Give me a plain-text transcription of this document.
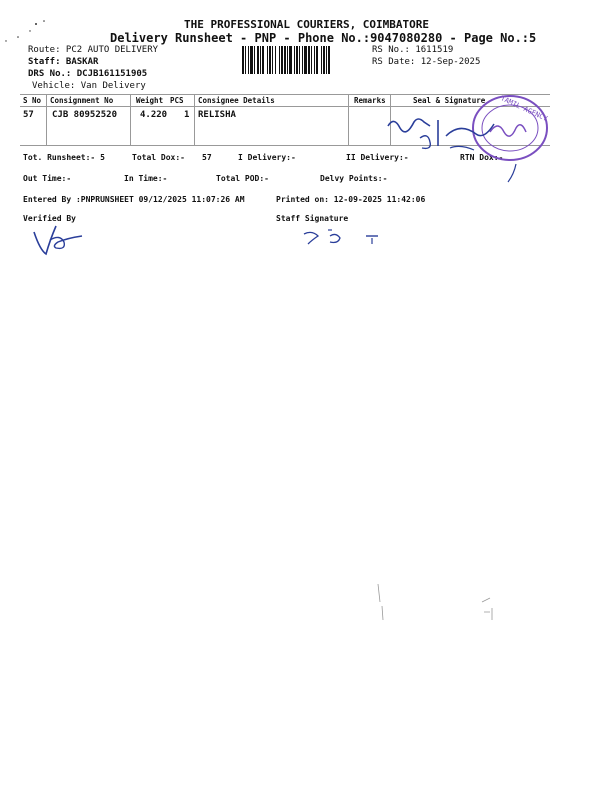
THE PROFESSIONAL COURIERS, COIMBATORE
Delivery Runsheet - PNP - Phone No.:9047080280 - Page No.:5
Route: PC2 AUTO DELIVERY
Staff: BASKAR
DRS No.: DCJB161151905
Vehicle: Van Delivery
RS No.: 1611519
RS Date: 12-Sep-2025
S No Consignment No	Weight PCS Consignee Details	Remarks	Seal & Signature
57 CJB 80952520	4.220 1 RELISHA
Tot. Runsheet:- 5	Total Dox:- 57	I Delivery:-	II Delivery:-	RTN Dox:-
Out Time:-	In Time:-	Total POD:-	Delvy Points:-
Entered By :PNPRUNSHEET 09/12/2025 11:07:26 AM	Printed on: 12-09-2025 11:42:06
Verified By	Staff Signature
TAMIL AGENCY
